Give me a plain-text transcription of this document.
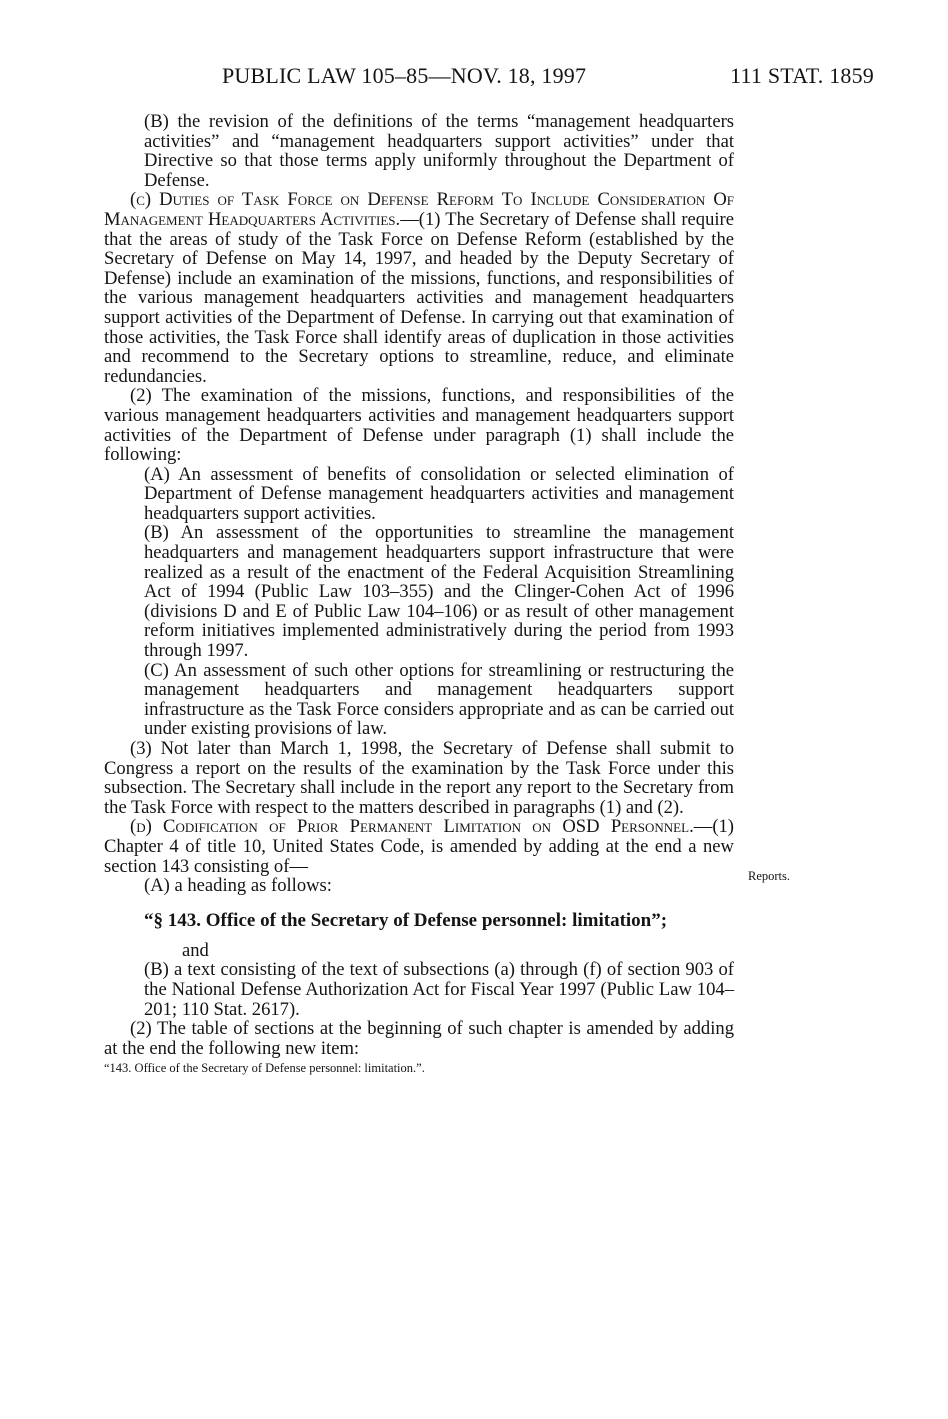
PUBLIC LAW 105–85—NOV. 18, 1997	111 STAT. 1859

(B) the revision of the definitions of the terms “management headquarters activities” and “management headquarters support activities” under that Directive so that those terms apply uniformly throughout the Department of Defense.

(c) Duties of Task Force on Defense Reform To Include Consideration Of Management Headquarters Activities.—(1) The Secretary of Defense shall require that the areas of study of the Task Force on Defense Reform (established by the Secretary of Defense on May 14, 1997, and headed by the Deputy Secretary of Defense) include an examination of the missions, functions, and responsibilities of the various management headquarters activities and management headquarters support activities of the Department of Defense. In carrying out that examination of those activities, the Task Force shall identify areas of duplication in those activities and recommend to the Secretary options to streamline, reduce, and eliminate redundancies.

(2) The examination of the missions, functions, and responsibilities of the various management headquarters activities and management headquarters support activities of the Department of Defense under paragraph (1) shall include the following:

(A) An assessment of benefits of consolidation or selected elimination of Department of Defense management headquarters activities and management headquarters support activities.

(B) An assessment of the opportunities to streamline the management headquarters and management headquarters support infrastructure that were realized as a result of the enactment of the Federal Acquisition Streamlining Act of 1994 (Public Law 103–355) and the Clinger-Cohen Act of 1996 (divisions D and E of Public Law 104–106) or as result of other management reform initiatives implemented administratively during the period from 1993 through 1997.

(C) An assessment of such other options for streamlining or restructuring the management headquarters and management headquarters support infrastructure as the Task Force considers appropriate and as can be carried out under existing provisions of law.

(3) Not later than March 1, 1998, the Secretary of Defense shall submit to Congress a report on the results of the examination by the Task Force under this subsection. The Secretary shall include in the report any report to the Secretary from the Task Force with respect to the matters described in paragraphs (1) and (2).

(d) Codification of Prior Permanent Limitation on OSD Personnel.—(1) Chapter 4 of title 10, United States Code, is amended by adding at the end a new section 143 consisting of—

(A) a heading as follows:

“§ 143. Office of the Secretary of Defense personnel: limitation”;

and

(B) a text consisting of the text of subsections (a) through (f) of section 903 of the National Defense Authorization Act for Fiscal Year 1997 (Public Law 104–201; 110 Stat. 2617).

(2) The table of sections at the beginning of such chapter is amended by adding at the end the following new item:

“143. Office of the Secretary of Defense personnel: limitation.”.

Reports.
